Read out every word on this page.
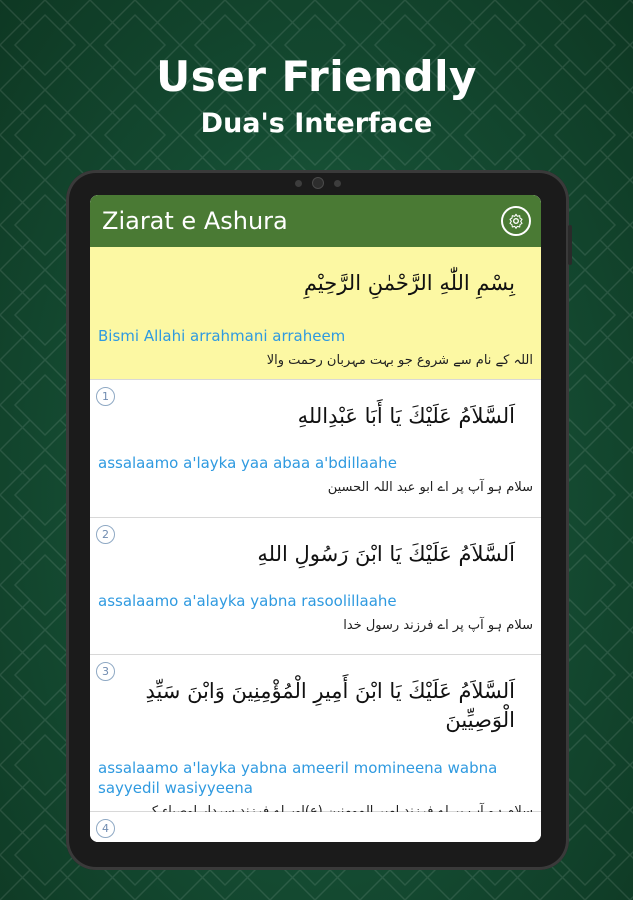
User Friendly
Dua's Interface
Ziarat e Ashura
بِسْمِ اللّٰهِ الرَّحْمٰنِ الرَّحِيْمِ
Bismi Allahi arrahmani arraheem
اللہ کے نام سے شروع جو بہت مہربان رحمت والا
1
اَلسَّلاَمُ عَلَيْكَ يَا أَبَا عَبْدِاللهِ
assalaamo a'layka yaa abaa a'bdillaahe
سلام ہو آپ پر اے ابو عبد اللہ الحسین
2
اَلسَّلاَمُ عَلَيْكَ يَا ابْنَ رَسُولِ اللهِ
assalaamo a'alayka yabna rasoolillaahe
سلام ہو آپ پر اے فرزند رسول خدا
3
اَلسَّلاَمُ عَلَيْكَ يَا ابْنَ أَمِيرِ الْمُؤْمِنِينَ وَابْنَ سَيِّدِ الْوَصِيِّينَ
assalaamo a'layka yabna ameeril momineena wabna sayyedil wasiyyeena
4
